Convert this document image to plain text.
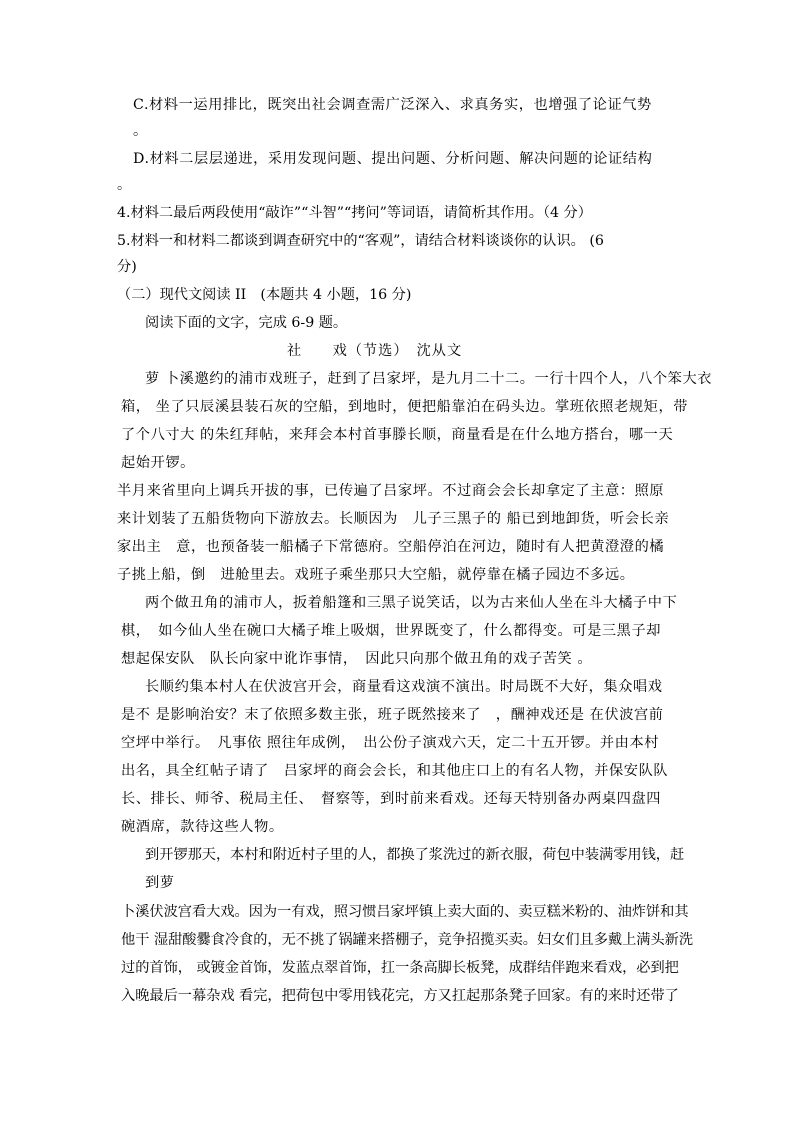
C.材料一运用排比，既突出社会调查需广泛深入、求真务实，也增强了论证气势
。
D.材料二层层递进，采用发现问题、提出问题、分析问题、解决问题的论证结构
。
4.材料二最后两段使用“敲诈”“斗智”“拷问”等词语，请简析其作用。（4 分）
5.材料一和材料二都谈到调查研究中的“客观”，请结合材料谈谈你的认识。 (6
分)
（二）现代文阅读 II　(本题共 4 小题，16 分)
阅读下面的文字，完成 6-9 题。
社　　戏（节选）　沈从文
萝 卜溪邀约的浦市戏班子，赶到了吕家坪，是九月二十二。一行十四个人，八个笨大衣
箱， 坐了只辰溪县装石灰的空船，到地时，便把船靠泊在码头边。掌班依照老规矩，带
了个八寸大 的朱红拜帖，来拜会本村首事滕长顺，商量看是在什么地方搭台，哪一天
起始开锣。
半月来省里向上调兵开拔的事，已传遍了吕家坪。不过商会会长却拿定了主意：照原
来计划装了五船货物向下游放去。长顺因为　儿子三黑子的 船已到地卸货，听会长亲
家出主　意，也预备装一船橘子下常德府。空船停泊在河边，随时有人把黄澄澄的橘
子挑上船，倒　进舱里去。戏班子乘坐那只大空船，就停靠在橘子园边不多远。
两个做丑角的浦市人，扳着船篷和三黑子说笑话，以为古来仙人坐在斗大橘子中下
棋，　如今仙人坐在碗口大橘子堆上吸烟，世界既变了，什么都得变。可是三黑子却
想起保安队　队长向家中讹诈事情，　因此只向那个做丑角的戏子苦笑 。
长顺约集本村人在伏波宫开会，商量看这戏演不演出。时局既不大好，集众唱戏
是不 是影响治安？末了依照多数主张，班子既然接来了　，酬神戏还是 在伏波宫前
空坪中举行。　凡事依 照往年成例，　出公份子演戏六天，定二十五开锣。并由本村
出名，具全红帖子请了　吕家坪的商会会长，和其他庄口上的有名人物，并保安队队
长、排长、师爷、税局主任、　督察等，到时前来看戏。还每天特别备办两桌四盘四
碗酒席，款待这些人物。
到开锣那天，本村和附近村子里的人，都换了浆洗过的新衣服，荷包中装满零用钱，赶
到萝
卜溪伏波宫看大戏。因为一有戏，照习惯吕家坪镇上卖大面的、卖豆糕米粉的、油炸饼和其
他干 湿甜酸爨食冷食的，无不挑了锅罐来搭棚子，竞争招揽买卖。妇女们且多戴上满头新洗
过的首饰， 或镀金首饰，发蓝点翠首饰，扛一条高脚长板凳，成群结伴跑来看戏，必到把
入晚最后一幕杂戏 看完，把荷包中零用钱花完，方又扛起那条凳子回家。有的来时还带了
